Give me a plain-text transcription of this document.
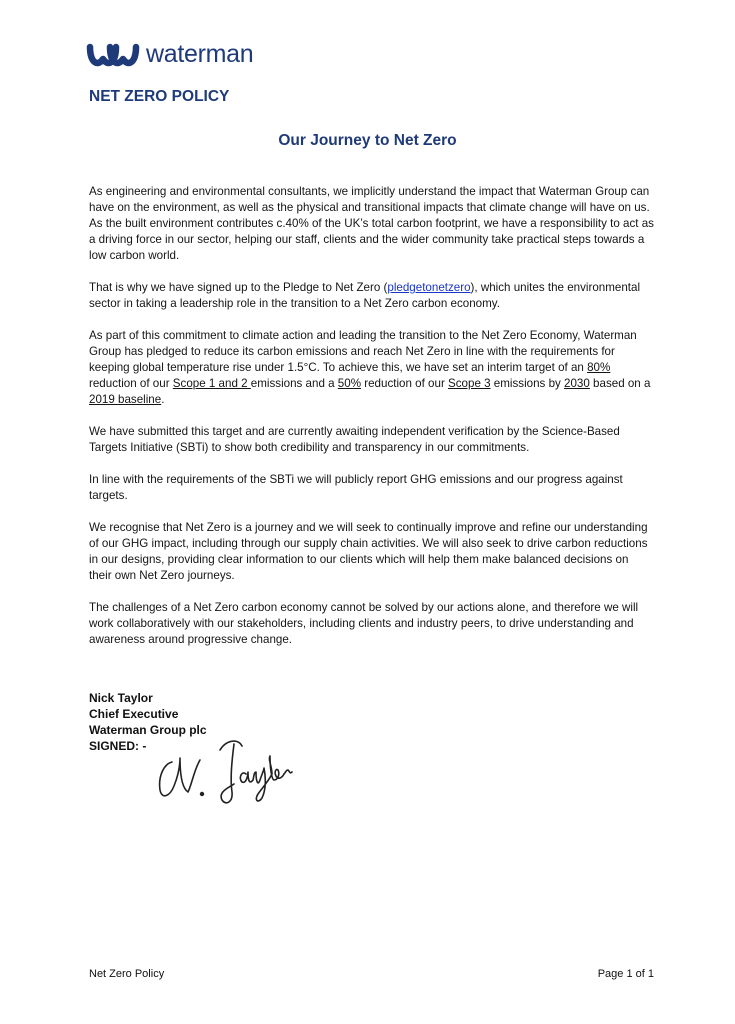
waterman
NET ZERO POLICY
Our Journey to Net Zero

As engineering and environmental consultants, we implicitly understand the impact that Waterman Group can have on the environment, as well as the physical and transitional impacts that climate change will have on us. As the built environment contributes c.40% of the UK’s total carbon footprint, we have a responsibility to act as a driving force in our sector, helping our staff, clients and the wider community take practical steps towards a low carbon world.

That is why we have signed up to the Pledge to Net Zero (pledgetonetzero), which unites the environmental sector in taking a leadership role in the transition to a Net Zero carbon economy.

As part of this commitment to climate action and leading the transition to the Net Zero Economy, Waterman Group has pledged to reduce its carbon emissions and reach Net Zero in line with the requirements for keeping global temperature rise under 1.5°C. To achieve this, we have set an interim target of an 80% reduction of our Scope 1 and 2 emissions and a 50% reduction of our Scope 3 emissions by 2030 based on a 2019 baseline.

We have submitted this target and are currently awaiting independent verification by the Science-Based Targets Initiative (SBTi) to show both credibility and transparency in our commitments.

In line with the requirements of the SBTi we will publicly report GHG emissions and our progress against targets.

We recognise that Net Zero is a journey and we will seek to continually improve and refine our understanding of our GHG impact, including through our supply chain activities. We will also seek to drive carbon reductions in our designs, providing clear information to our clients which will help them make balanced decisions on their own Net Zero journeys.

The challenges of a Net Zero carbon economy cannot be solved by our actions alone, and therefore we will work collaboratively with our stakeholders, including clients and industry peers, to drive understanding and awareness around progressive change.

Nick Taylor
Chief Executive
Waterman Group plc
SIGNED: -
Net Zero Policy	Page 1 of 1
